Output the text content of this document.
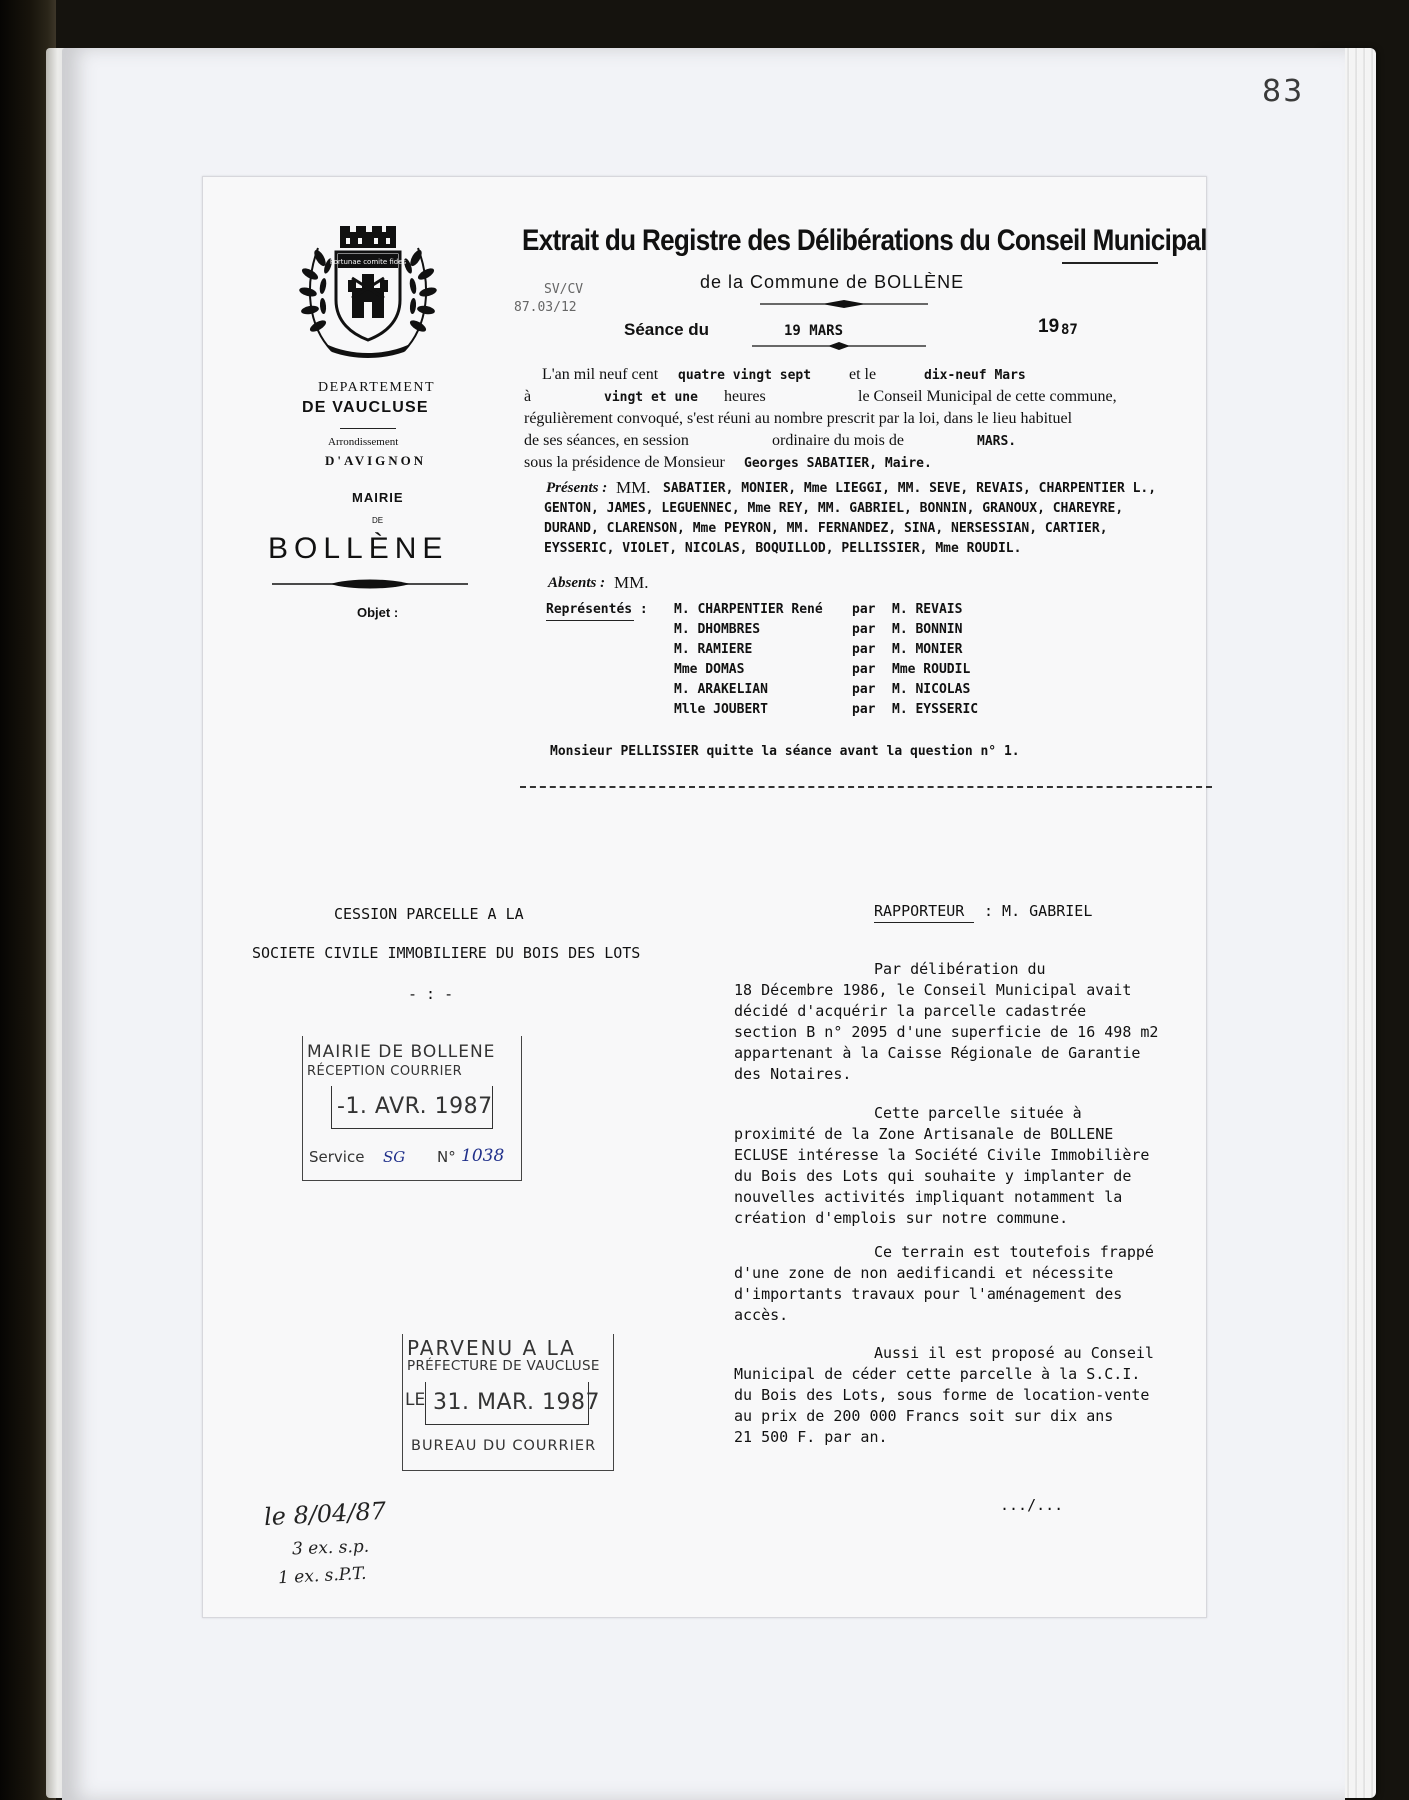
83
Fortunae comite fides
DEPARTEMENT
DE VAUCLUSE
Arrondissement
D'AVIGNON
MAIRIE
DE
BOLLÈNE
Objet :
Extrait du Registre des Délibérations du Conseil Municipal
de la Commune de BOLLÈNE
SV/CV
87.03/12
Séance du	19 MARS	19 87
L'an mil neuf cent quatre vingt sept et le	dix-neuf Mars
à	vingt et une heures	le Conseil Municipal de cette commune,
régulièrement convoqué, s'est réuni au nombre prescrit par la loi, dans le lieu habituel
de ses séances, en session	ordinaire du mois de	MARS.
sous la présidence de Monsieur Georges SABATIER, Maire.
Présents : MM. SABATIER, MONIER, Mme LIEGGI, MM. SEVE, REVAIS, CHARPENTIER L.,
GENTON, JAMES, LEGUENNEC, Mme REY, MM. GABRIEL, BONNIN, GRANOUX, CHAREYRE,
DURAND, CLARENSON, Mme PEYRON, MM. FERNANDEZ, SINA, NERSESSIAN, CARTIER,
EYSSERIC, VIOLET, NICOLAS, BOQUILLOD, PELLISSIER, Mme ROUDIL.
Absents : MM.
Représentés : M. CHARPENTIER René par M. REVAIS
M. DHOMBRES	par M. BONNIN
M. RAMIERE	par M. MONIER
Mme DOMAS	par Mme ROUDIL
M. ARAKELIAN	par M. NICOLAS
Mlle JOUBERT	par M. EYSSERIC
Monsieur PELLISSIER quitte la séance avant la question n° 1.
CESSION PARCELLE A LA
SOCIETE CIVILE IMMOBILIERE DU BOIS DES LOTS
- : -
RAPPORTEUR : M. GABRIEL
Par délibération du
18 Décembre 1986, le Conseil Municipal avait
décidé d'acquérir la parcelle cadastrée
section B n° 2095 d'une superficie de 16 498 m2
appartenant à la Caisse Régionale de Garantie
des Notaires.
Cette parcelle située à
proximité de la Zone Artisanale de BOLLENE
ECLUSE intéresse la Société Civile Immobilière
du Bois des Lots qui souhaite y implanter de
nouvelles activités impliquant notamment la
création d'emplois sur notre commune.
Ce terrain est toutefois frappé
d'une zone de non aedificandi et nécessite
d'importants travaux pour l'aménagement des
accès.
Aussi il est proposé au Conseil
Municipal de céder cette parcelle à la S.C.I.
du Bois des Lots, sous forme de location-vente
au prix de 200 000 Francs soit sur dix ans
21 500 F. par an.
.../...
MAIRIE DE BOLLENE
RÉCEPTION COURRIER
-1. AVR. 1987
Service SG N° 1038
PARVENU A LA
PRÉFECTURE DE VAUCLUSE
LE 31. MAR. 1987
BUREAU DU COURRIER
le 8/04/87
3 ex. s.p.
1 ex. s.P.T.
